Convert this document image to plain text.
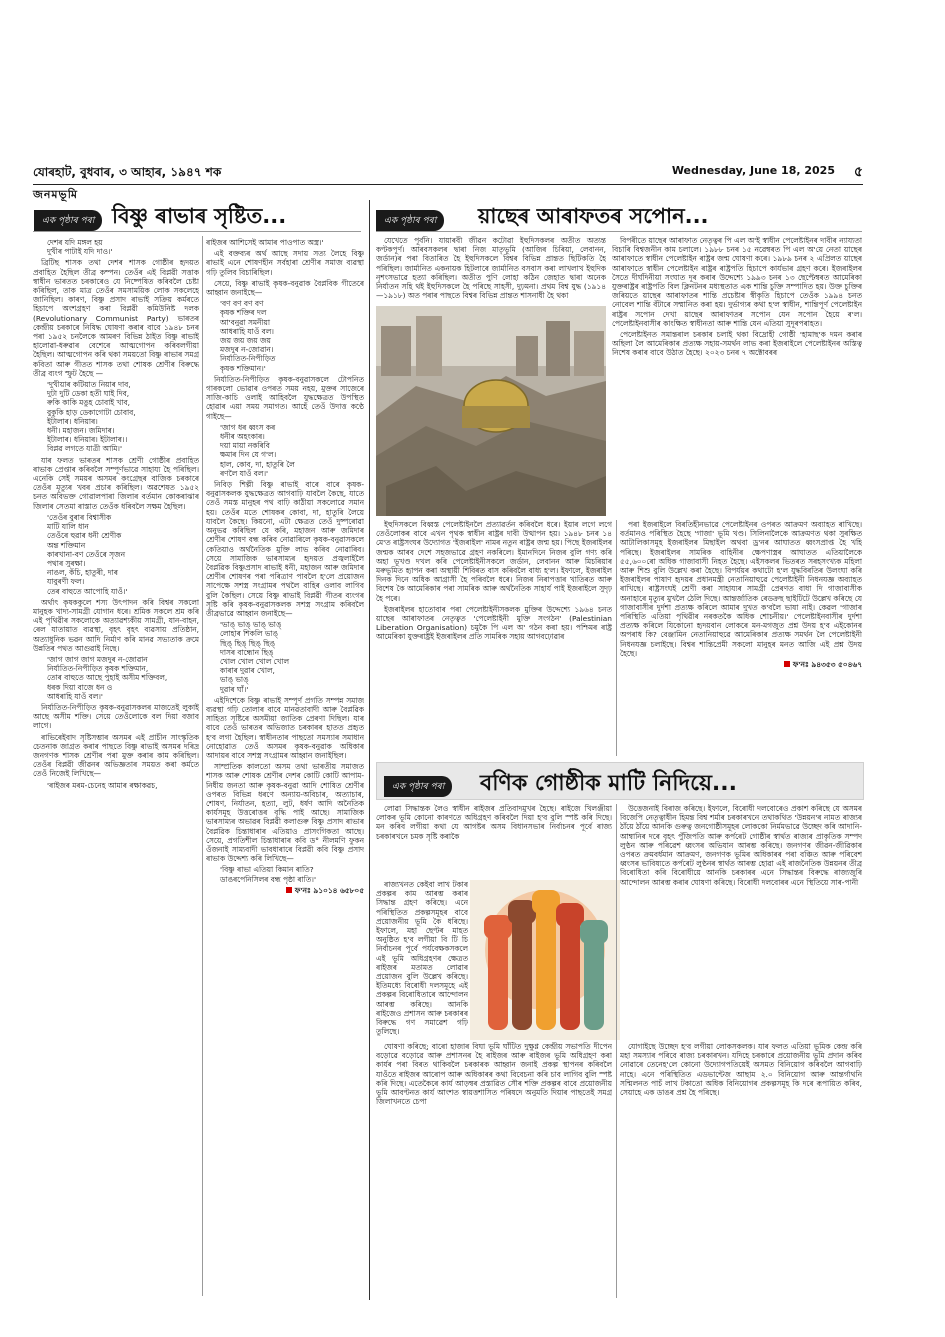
যোৰহাট, বুধবাৰ, ৩ আহাৰ, ১৯৪৭ শক
জনমভূমি
Wednesday, June 18, 2025 ৫
এক পৃষ্ঠাৰ পৰা বিষ্ণু ৰাভাৰ সৃষ্টিত...
দেশৰ যদি মঙ্গল হয়
দুখীৰ পাটাই যদি দাও।'

ব্ৰিটিছ শাসক তথা দেশৰ শাসক গোষ্ঠীৰ হৃদয়ত প্ৰবাহিত হৈছিল তীব্ৰ কম্পন। তেওঁৰ এই বিপ্লৱী সত্তাক স্বাধীন ভাৰতত চৰকাৰেও যে নিষ্পেষিত কৰিবলৈ চেষ্টা কৰিছিল, তাক মাত্ৰ তেওঁৰ সমসাময়িক লোক সকলেহে জানিছিল। কাৰণ, বিষ্ণু প্ৰসাদ ৰাভাই সক্ৰিয় কৰ্মৰতে হিচাপে অংশগ্ৰহণ কৰা বিপ্লৱী কমিউনিষ্ট দলক (Revolutionary Communist Party) ভাৰতৰ কেন্দ্ৰীয় চৰকাৰে নিষিদ্ধ ঘোষণা কৰাৰ বাবে ১৯৪৮ চনৰ পৰা ১৯৫২ চনলৈকে আমৰণ বিভিন্ন ঠাইত বিষ্ণু ৰাভাই হালোৱা-ধৰুৱাৰ বেশেৰে আত্মগোপন কৰিবলগীয়া হৈছিল। আত্মগোপন কৰি থকা সময়তো বিষ্ণু ৰাভাৰ সমগ্ৰ কবিতা আৰু গীতত শাসক তথা শোষক শ্ৰেণীৰ বিৰুদ্ধে তীব্ৰ ব্যংগ স্ফুট হৈছে —

'দুখীয়াৰ কটিয়াত নিয়াৰ দাব,
দুটা দুটি ডেকা হতী ঘাই দিব,
ৰুকি কাকি মঙুহ চোবাই খাব,
বুকুকি হাড় ডেকাগোটা চোবাব,
ইটালাৰ। ধনিয়াৰ।
ধনী। মহাজন। জমিদাৰ।
ইটালাৰ। ধনিয়াৰ। ইটালাৰ।।
বিপ্লৱ লগতে যাত্ৰী আমি।'

যাৰ ফলত ভাৰতৰ শাসক শ্ৰেণী গোষ্ঠীৰ প্ৰবাহিত ৰাভাক প্ৰেপ্তাৰ কৰিবলৈ সম্পূৰ্ণভাৱে সাহায্য হৈ পৰিছিল। এনেকি সেই সময়ৰ অসমৰ কংগ্ৰেছৰ বাজিক চৰকাৰে তেওঁৰ মৃত্যুৰ খবৰ প্ৰচাৰ কৰিছিল। অৱশেষত ১৯৫২ চনত অবিভক্ত গোৱালপাৰা জিলাৰ বৰ্তমান কোকৰাঝাৰ জিলাৰ সেতমা ৰাস্তাত তেওঁক ধৰিবলৈ সক্ষম হৈছিল।

'তেওঁৰ বুৰাৰ বিশ্বাসীক
মাটি যালি ধান
তেওঁৰে হুৱাৰ ধনী শ্ৰেণীক
অন্ত শক্তিমান
কাৰখানা-বণ তেওঁৰে সৃজন
পথাৰ সুৰক্ষা।
নাঙল, কঁচি, হাতুৰী, দাৰ
যাবুৰণী ফল।
তেৰ বাহুতে আপোহি যাওঁ।'

অৰ্থাৎ কৃষককুলে শস্য উৎপাদন কৰি বিশ্বৰ সকলো মানুহক খাদ্য-সামগ্ৰী যোগান ধৰে। শ্ৰমিক সকলে শ্ৰম কৰি এই পৃথিৱীৰ সকলোকে অত্যাৱশ্যকীয় সামগ্ৰী, যান-বাহন, ৰেল যাতায়াত ব্যৱস্থা, বৃহৎ বৃহৎ ব্যৱসায় প্ৰতিষ্ঠান, অত্যাধুনিক ভৱন আদি নিৰ্মাণ কৰি মানৱ সভ্যতাক ক্ৰমে উন্নতিৰ পথত আগুৱাই নিছে।

'জাগ জাগ জাগ মজদুৰ ন-জোৱান
নিৰ্যাতিত-নিপীড়িত কৃষক শক্তিমান,
তোৰ বাহুতে আছে পুহাই অসীম শক্তিবল,
ধৰক দিয়া বাজে ধন ও
আধৰাহি যাওঁ বল।'

নিৰ্যাতিত-নিপীড়িত কৃষক-বনুৱাসকলৰ মাজতেই লুকাই আছে অসীম শক্তি। সেয়ে তেওঁলোকে বল দিয়া বজাব লাগে।

ৰাভিৰেইবাদ সৃষ্টিসম্ভাৰ অসমৰ এই প্ৰাচীন সাংস্কৃতিক চেতনাক জাগ্ৰত কৰাৰ পাছতে বিষ্ণু ৰাভাই অসমৰ দৰিদ্ৰ জনগণক শাসক শ্ৰেণীৰ পৰা মুক্ত কৰাৰ কাম কৰিছিল। তেওঁৰ বিপ্লৱী জীৱনৰ অভিজ্ঞতাৰ সময়ত কৰা কৰ্মতে তেওঁ নিজেই লিখিছে—

'ৰাইজৰ মৰম-চেনেহ আমাৰ ৰক্ষাকৱচ,
ৰাইজৰ আশিসেই আমাৰ পাওপাত অস্ত্ৰ।'

এই বক্তব্যৰ অৰ্থ আছে সদায় সত্য লৈহে বিষ্ণু ৰাভাই এনে শোষণহীন সৰ্বহাৰা শ্ৰেণীৰ সমাজ ব্যৱস্থা গঢ়ি তুলিব বিচাৰিছিল।

সেয়ে, বিষ্ণু ৰাভাই কৃষক-বনুৱাক বৈপ্লবিক গীতেৰে আহ্বান জনাইছে—

'বণ বণ বণ বণ
কৃষক শক্তিৰ দল
আ'বনুৱা সমনীয়া
আধৰাহি যাওঁ বল।
জয় জয় জয় জয়
মজদুৰ ন-জোৱান।
নিৰ্যাতিত-নিপীড়িত
কৃষক শক্তিমান।'

নিৰ্যাতিত-নিপীড়িত কৃষক-বনুৱাসকলে টোপনিত গাৰকলো ভোৱাৰ ওপৰত সময় নহয়, মুক্তৰ সাজেৰে সাজি-কাচি ওলাই আহিবলৈ যুদ্ধক্ষেত্ৰত উপস্থিত হোৱাৰ এয়া সময় সমাগত। আহেঁ তেওঁ উদাত্ত কণ্ঠে গাইছে—

'জাগ ধৰ ধ্বংস কৰ
ধনীৰ অহংকাৰ।
দয়া মায়া নকৰিবি
ক্ষমাৰ দিন যে গ'ল।
হাল, কোব, দা, হাতুৰি লৈ
ৰণলৈ যাওঁ বল।'

নিবিড় শিল্পী বিষ্ণু ৰাভাই বাৰে বাৰে কৃষক-বনুৱাসকলক যুদ্ধক্ষেত্ৰত আগবাঢ়ি যাবলৈ কৈছে, যাতে তেওঁ সমস্ত মানুহৰ পথ বাঢ়ি কাঠীয়া সকলোৱে সমান হয়। তেওঁৰ মতে শোষকৰ কোবা, দা, হাতুৰি লৈয়ে যাবলৈ কৈছে। কিয়নো, এটা ক্ষেত্ৰত তেওঁ দুষ্পৰোৱা অনুভৱ কৰিছিল যে কৰি, মহাজন আৰু জমিদাৰ শ্ৰেণীৰ শোষণ বন্ধ কৰিব নোৱাৰিলে কৃষক-বনুৱাসকলে কেতিয়াও অৰ্থনৈতিক মুক্তি লাভ কৰিব নোৱাৰিব। সেয়ে সামাজিক ভাৰসাম্যৰ হৃদয়ত প্ৰজ্বলাইলৈ বৈপ্লৱিক বিষ্ণুপ্ৰসাদ ৰাভাই ধনী, মহাজন আৰু জমিদাৰ শ্ৰেণীৰ শোষণৰ পৰা পৰিত্ৰাণ পাবলৈ হ'লে প্ৰয়োজন সাপেক্ষে সশস্ত্ৰ সংগ্ৰামৰ পথলৈ বাহিৰ ওলাব লাগিব বুলি কৈছিল। সেয়ে বিষ্ণু ৰাভাই বিপ্লৱী গীতৰ ব্যংগৰ সৃষ্টি কৰি কৃষক-বনুৱাসকলক সশস্ত্ৰ সংগ্ৰাম কৰিবলৈ তীব্ৰভাৱে আহ্বান জনাইছে—

'ভাঙ্ ভাঙ্ ভাঙ্ ভাঙ্
লোহাৰ শিকলি ভাঙ্
ছিঙ্ ছিঙ্ ছিঙ্ ছিঙ্
দাসৰ বান্ধোন ছিঙ্
খোল খোল খোল খোল
কাৰাৰ দুৱাৰ খোল,
ভাঙ্ ভাঙ্
দুৱাৰ ঘাঁ।'

এইদিশেকে বিষ্ণু ৰাভাই সম্পূৰ্ণ প্ৰগতি সম্পন্ন সমাজ ব্যৱস্থা গঢ়ি তোলাৰ বাবে মানৱতাবাদী আৰু বৈপ্লৱিক সাহিত্য সৃষ্টিৰে অসমীয়া জাতিক প্ৰেৰণা দিছিল। যাৰ বাবে তেওঁ ভাৰতৰ অভিজাত চৰকাৰৰ হাতত প্ৰহৃত হ'ব লগা হৈছিল। স্বাধীনতাৰ পাছতো সমস্যাৰ সমাধান নোহোৱাত তেওঁ অসমৰ কৃষক-বনুৱাক অধিকাৰ আদায়ৰ বাবে সশস্ত্ৰ সংগ্ৰামৰ আহ্বান জনাইছিল।

সাম্প্ৰতিক কালতো অসম তথা ভাৰতীয় সমাজত শাসক আৰু শোষক শ্ৰেণীৰ দেশৰ কোটি কোটি আপাম-নিধীয় জনতা আৰু কৃষক-বনুৱা আদি শোষিত শ্ৰেণীৰ ওপৰত বিভিন্ন ধৰণে অন্যায়-অবিচাৰ, অত্যাচাৰ, শোষণ, নিৰ্যাতন, হত্যা, লুট, ধৰ্ষণ আদি অনৈতিক কাৰ্যসমূহ উত্তৰোত্তৰ বৃদ্ধি পাই আছে। সামাজিক ভাৰসাম্যৰ অভাৱৰ বিপ্লৱী কলাগুৰু বিষ্ণু প্ৰসাদ ৰাভাৰ বৈপ্লৱিক চিন্তাধাৰাৰ এতিয়াও প্ৰাসংগিকতা আছে। সেয়ে, প্ৰগতিশীল চিন্তাধাৰাৰ কবি ড° নীলমণি ফুকন ওঁজনাই সাম্যবাদী ভাবধাৰাৰে বিপ্লৱী কবি বিষ্ণু প্ৰসাদ ৰাভাক উদ্দেশ্য কৰি লিখিছে—

'বিষ্ণু ৰাভা এতিয়া কিমান ৰাতি?
ডাঙৰপেনিসিলৰ বন্ধ পৃষ্ঠা ৰাতি।'
ফ'নঃ ৯১০১৪ ৬৫৮০৫
এক পৃষ্ঠাৰ পৰা	য়াছেৰ আৰাফতৰ সপোন...

যেখেতে পূৰ্বনি। যায়াৰবী জীৱন কটোৱা ইহুদিসকলৰ অতীত অত্যন্ত কণ্টকপূৰ্ণ। আৰবসকলৰ দ্বাৰা নিজ মাতৃভূমি (আজিৰ চিৰিয়া, লেবানন, জৰ্ডান)ৰ পৰা বিতাৰিত হৈ ইহুদিসকলে বিশ্বৰ বিভিন্ন প্ৰান্তত ছিটিকতি হৈ পৰিছিল। জাৰ্মানিত একনায়ক হিটলাৰে জাৰ্মানিত বসবাস কৰা লাখলাখ ইহুদিক নৃশংসভাৱে হত্যা কৰিছিল। অতীত পুণি লোহা কঠিন জেহাত দ্বাৰা অনেক নিৰ্যাতন সহি থই ইহুদিসকলে হৈ পৰিছে সাহসী, দুঢ়মনা। প্ৰথম বিশ্ব যুদ্ধ (১৯১৪—১৯১৮) অত পৰাৰ পাছতে বিশ্বৰ বিভিন্ন প্ৰান্তত শাসনাধী হৈ থকা

বিপৰীতে য়াছেৰ আৰাফাত নেতৃত্বৰ পি এল অ'ই স্বাধীন পেলেষ্টাইনৰ দাবীৰ ন্যায্যতা বিচাৰি বিশ্বজনীন কাম চলালে। ১৯৮৮ চনৰ ১৫ নৱেম্বৰত পি এল অ'য়ে নেতা য়াছেৰ আৰাফাতে স্বাধীন পেলেষ্টাইন ৰাষ্ট্ৰৰ জন্ম ঘোষণা কৰে। ১৯৮৯ চনৰ ২ এপ্ৰিলত য়াছেৰ আৰাফাতে স্বাধীন পেলেষ্টাইন ৰাষ্ট্ৰৰ ৰাষ্ট্ৰপতি হিচাপে কাৰ্যভাৰ গ্ৰহণ কৰে। ইজৰাইলৰ সৈতে দীৰ্ঘদিনীয়া সংঘাত দূৰ কৰাৰ উদ্দেশ্যে ১৯৯৩ চনৰ ১৩ ছেপ্টেম্বৰত আমেৰিকা যুক্তৰাষ্ট্ৰৰ ৰাষ্ট্ৰপতি বিল ক্লিনটনৰ মধ্যস্থতাত এক শান্তি চুক্তি সম্পাদিত হয়। উক্ত চুক্তিৰ জৰিয়তে য়াছেৰ আৰাফাতৰ শান্তি প্ৰচেষ্টাৰ স্বীকৃতি হিচাপে তেওঁক ১৯৯৪ চনত নোবেল শান্তি বঁটাৰে সম্মানিত কৰা হয়। দুৰ্ভাগ্যৰ কথা হ'ল স্বাধীন, শান্তিপূৰ্ণ পেলেষ্টাইন ৰাষ্ট্ৰৰ সপোন দেখা য়াছেৰ আৰাফাতৰ সপোন যেন সপোন হৈয়ে ৰ'ল। পেলেষ্টাইনবাসীৰ কাংক্ষিত স্বাধীনতা আৰু শান্তি যেন এতিয়া সুদূৰপৰাহত।

পেলেষ্টাইনত সমান্তৰাল চৰকাৰ চলাই থকা বিদ্ৰোহী গোষ্ঠী 'হামাছ'ক দমন কৰাৰ অছিলা লৈ আমেৰিকাৰ প্ৰত্যক্ষ সহায়-সমৰ্থন লাভ কৰা ইজৰাইলে পেলেষ্টাইনৰ অস্তিত্ব নিশেষ কৰাৰ বাবে উঠাত হৈছে। ২০২৩ চনৰ ৭ অক্টোবৰৰ

ইহুদিসকলে বিধ্বস্ত পেলেষ্টাইনলৈ প্ৰত্যাৱৰ্তন কৰিবলৈ ধৰে। ইয়াৰ লগে লগে তেওঁলোকৰ বাবে এখন পৃথক স্বাধীন ৰাষ্ট্ৰৰ দাবী উত্থাপন হয়। ১৯৪৮ চনৰ ১৪ মে'ত ৰাষ্ট্ৰসংঘৰ উদ্যোগত 'ইজৰাইল' নামৰ নতুন ৰাষ্ট্ৰৰ জন্ম হয়। পিছে ইজৰাইলৰ জন্মক আৰব দেশে সহজভাৱে গ্ৰহণ নকৰিলে। ইমানদিনে নিজৰ বুলি গণ্য কৰি অহা ভূখণ্ড দখল কৰি পেলেষ্টাইনীসকলে জৰ্ডান, লেবানন আৰু মিচৰিয়াৰ মৰুভূমিত হৃাপন কৰা অস্থায়ী শিবিৰত বাস কৰিবলৈ বাধ্য হ'ল। ইফালে, ইজৰাইল দিনক দিনে অধিক আগ্ৰাসী হৈ পৰিবলৈ ধৰে। নিজৰ নিৰাপত্তাৰ খাতিৰত আৰু বিশেষ কৈ আমেৰিকাৰ পৰা সামৰিক আৰু অৰ্থনৈতিক সাহাৰ্য পাই ইজৰাইলে সুদৃঢ় হৈ পৰে।

ইজৰাইলৰ হাতোবাৰ পৰা পেলেষ্টাইনীসকলক মুক্তিৰ উদ্দেশ্যে ১৯৬৪ চনত য়াছেৰ আৰাফাতৰ নেতৃত্বত 'পেলেষ্টাইনী মুক্তি সংগঠন' (Palestinian Liberation Organisation) চমুকৈ পি এল অ' গঠন কৰা হয়। পশ্চিমৰ ৰাষ্ট্ৰ আমেৰিকা যুক্তৰাষ্ট্ৰই ইজৰাইলৰ প্ৰতি সামৰিক সহায় আগবঢ়োৱাৰ

পৰা ইজৰাইলে বিৰতিহীনভাৱে পেলেষ্টাইনৰ ওপৰত আক্ৰমণ অব্যাহত ৰাখিছে। বৰ্তমানও পৰিস্থিত হৈছে 'গাজা' ভূমি খণ্ড। সিলিনালৈকে আক্ৰমণত থকা সুৰক্ষিত আটালিকাসমূহ ইজৰাইলৰ মিছাইল অথবা ড্ৰ'নৰ আঘাতত ধ্বংসপ্ৰাপ্ত হৈ খহি পৰিছে। ইজৰাইলৰ সামৰিক বাহিনীৰ ক্ষেপণাস্ত্ৰৰ আঘাতত এতিয়ালৈকে ৫৫,৬০০ৰো অধিক গাজাবাসী নিহত হৈছে। এইসকলৰ ভিতৰত সৰহসংখ্যক মহিলা আৰু শিশু বুলি উল্লেখ কৰা হৈছে। বিপৰ্যয়ৰ কথাটো হ'ল যুদ্ধবিৰতিৰ উলংঘা কৰি ইজৰাইলৰ পাষাণ হৃদয়ৰ প্ৰধানমন্ত্ৰী নেতানিয়াহুৱে পেলেষ্টাইনী নিধনযজ্ঞ অব্যাহত ৰাখিছে। ৰাষ্ট্ৰসংঘই শ্ৰেণী কৰা সাহায্যৰ সামগ্ৰী প্ৰেৰণত বাধা দি গাজাবাসীক অনাহাৰে মৃত্যুৰ মুখলৈ ঠেলি দিছে। আন্তৰ্জাতিক ৰেডক্ৰছ ছাইটিটে উল্লেখ কৰিছে যে গাজাবাসীৰ দুৰ্দশা প্ৰত্যক্ষ কৰিলে আমাৰ দুখত ক'বলৈ ভাষা নাই। কেৱল 'গাজাৰ পৰিস্থিতি এতিয়া পৃথিৱীৰ নৰকতকৈ অধিক শোচনীয়।' পেলেষ্টাইনবাসীৰ দুৰ্দশা প্ৰত্যক্ষ কৰিলে যিকোনো হৃদয়বান লোকৰে মন-মগজুত প্ৰশ্ন উদয় হ'ব এইকোনৰ অপৰাধ কি? বেঞ্জামিন নেতানিয়াহুৱে আমেৰিকাৰ প্ৰত্যক্ষ সমৰ্থন লৈ পেলেষ্টাইনী নিধনযজ্ঞ চলাইছে। বিশ্বৰ শান্তিপ্ৰেমী সকলো মানুহৰ মনত আজি এই প্ৰশ্ন উদয় হৈছে।

ফ'নঃ ৯৪৩৫৩ ৫০৪৬৭
এক পৃষ্ঠাৰ পৰা	বণিক গোষ্ঠীক মাটি নিদিয়ে...

লোৱা সিদ্ধান্তক লৈও স্বাধীন ৰাইজৰ প্ৰতিবাদমুখৰ হৈছে। ৰাইজে খিলঞ্জীয়া লোকৰ ভূমি কোনো কাৰণতে অধিগ্ৰহণ কৰিবলৈ দিয়া হ'ব বুলি স্পষ্ট কৰি দিছে। মন কৰিব লগীয়া কথা যে আগষ্টৰ অসম বিধানসভাৰ নিৰ্বাচনৰ পূৰ্বে ৰাজ্য চৰকাৰখনে চমক সৃষ্টি কৰাকৈ

ৰাজ্যখনত কেইবা লাখ টকাৰ প্ৰকল্পৰ কাম আৰম্ভ কৰাৰ সিদ্ধান্ত গ্ৰহণ কৰিছে। এনে পৰিস্থিতিত প্ৰকল্পসমূহৰ বাবে প্ৰয়োজনীয় ভূমি কৈ ধৰিছে। ইফালে, মহা ছেণ্টৰ মাহত অনুষ্ঠিত হ'ব লগীয়া বি টি চি নিৰ্বাচনৰ পূৰ্বে পৰ্যবেক্ষকসকলে এই ভূমি অধিগ্ৰহণৰ ক্ষেত্ৰত ৰাইজৰ মতামত লোৱাৰ প্ৰয়োজন বুলি উল্লেখ কৰিছে। ইতিমধ্যে বিৰোধী দলসমূহে এই প্ৰকল্পৰ বিৰোধিতাৰে আন্দোলন আৰম্ভ কৰিছে। আনকি ৰাইজেও প্ৰশাসন আৰু চৰকাৰৰ বিৰুদ্ধে গণ সমাৱেশ গঢ়ি তুলিছে।

ঘোষণা কৰিছে; বাৰো হাজাৰ বিঘা ভূমি ঘাঁটিত দুক্ষুণ্ণ কেন্দ্ৰীয় সভাপতি দীপেন বড়োৱে বড়োৱে আৰু প্ৰশাসনৰ হৈ ৰাইজৰ আৰু ৰাইজৰ ভূমি অধিগ্ৰহণ কৰা কাৰ্যৰ পৰা বিৰত থাকিবলৈ চৰকাৰক আহ্বান জনাই প্ৰকল্প স্থাপনৰ কৰিবলৈ যাওঁতে ৰাইজৰ আৰোপ আৰু অধিকাৰৰ কথা বিবেচনা কৰি চাব লাগিব বুলি স্পষ্ট কৰি দিছে। এতেকৈৰে কাৰ্য আড়ম্বৰ প্ৰস্তাৱিত সৌৰ শক্তি প্ৰকল্পৰ বাবে প্ৰয়োজনীয় ভূমি আবণ্টনত কাৰ্য আংশত স্বায়ত্তশাসিত পৰিষদে অনুমতি দিয়াৰ পাছতেই সমগ্ৰ জিলাখনতে চেপা

উত্তেজনাই বিৰাজ কৰিছে। ইফালে, বিৰোধী দলবোৰেও প্ৰকাশ কৰিছে যে অসমৰ বিজেপি নেতৃত্বাধীন হিমন্ত বিশ্ব শৰ্মাৰ চৰকাৰখনে তথাকথিত 'উন্নয়ন'ৰ নামত ৰাজ্যৰ ঠাঁয়ে ঠাঁয়ে আনকি গুৰুত্ব জনগোষ্ঠীসমূহৰ লোককো নিৰ্মমভাৱে উচ্ছেদ কৰি আদানি-আম্বানিৰ দৰে বৃহৎ পুঁজিপতি আৰু কৰ্পৰেট গোষ্ঠীৰ স্বাৰ্থত ৰাজ্যৰ প্ৰাকৃতিক সম্পদ লুণ্ঠন আৰু পৰিৱেশ ধ্বংসৰ অভিযান আৰম্ভ কৰিছে। জনগণৰ জীৱন-জীৱিকাৰ ওপৰত ক্ৰমবৰ্ধমান আক্ৰমণ, জনগণক ভূমিৰ অধিকাৰৰ পৰা বঞ্চিত আৰু পৰিবেশ ধ্বংসৰ ভাবিষ্যতে কৰ্পৰেট লুণ্ঠনৰ স্বাৰ্থত আৰম্ভ হোৱা এই ৰাজনৈতিক উন্নয়নৰ তীব্ৰ বিৰোধিতা কৰি বিৰোধীয়ে আনকি চৰকাৰৰ এনে সিদ্ধান্তৰ বিৰুদ্ধে ৰাজ্যজুৰি আন্দোলন আৰম্ভ কৰাৰ ঘোষণা কৰিছে। বিৰোধী দলবোৰৰ এনে স্থিতিয়ে সাৰ-পানী

যোগাইছে উচ্ছেদ হ'ব লগীয়া লোকসকলক। যাৰ ফলত এতিয়া ভূমিক কেন্দ্ৰ কৰি মহা সমস্যাৰ পৰিবে ৰাজ্য চৰকাৰখন। যদিহে চৰকাৰে প্ৰয়োজনীয় ভূমি প্ৰদান কৰিব নোৱাৰে তেনেহ'লে কোনো উদ্যোগপতিয়েই অসমত বিনিয়োগ কৰিবলৈ আগবাঢ়ি নাহে। এনে পৰিস্থিতিত এডভান্টেজ আছাম ২.০ বিনিয়োগ আৰু আন্তৰ্গাথনি সন্মিলনত পাচঁ লাখ টকাতো অধিক বিনিয়োগৰ প্ৰকল্পসমূহ কি দৰে ৰূপায়িত কৰিব, সেয়াহে এক ডাঙৰ প্ৰশ্ন হৈ পৰিছে।
